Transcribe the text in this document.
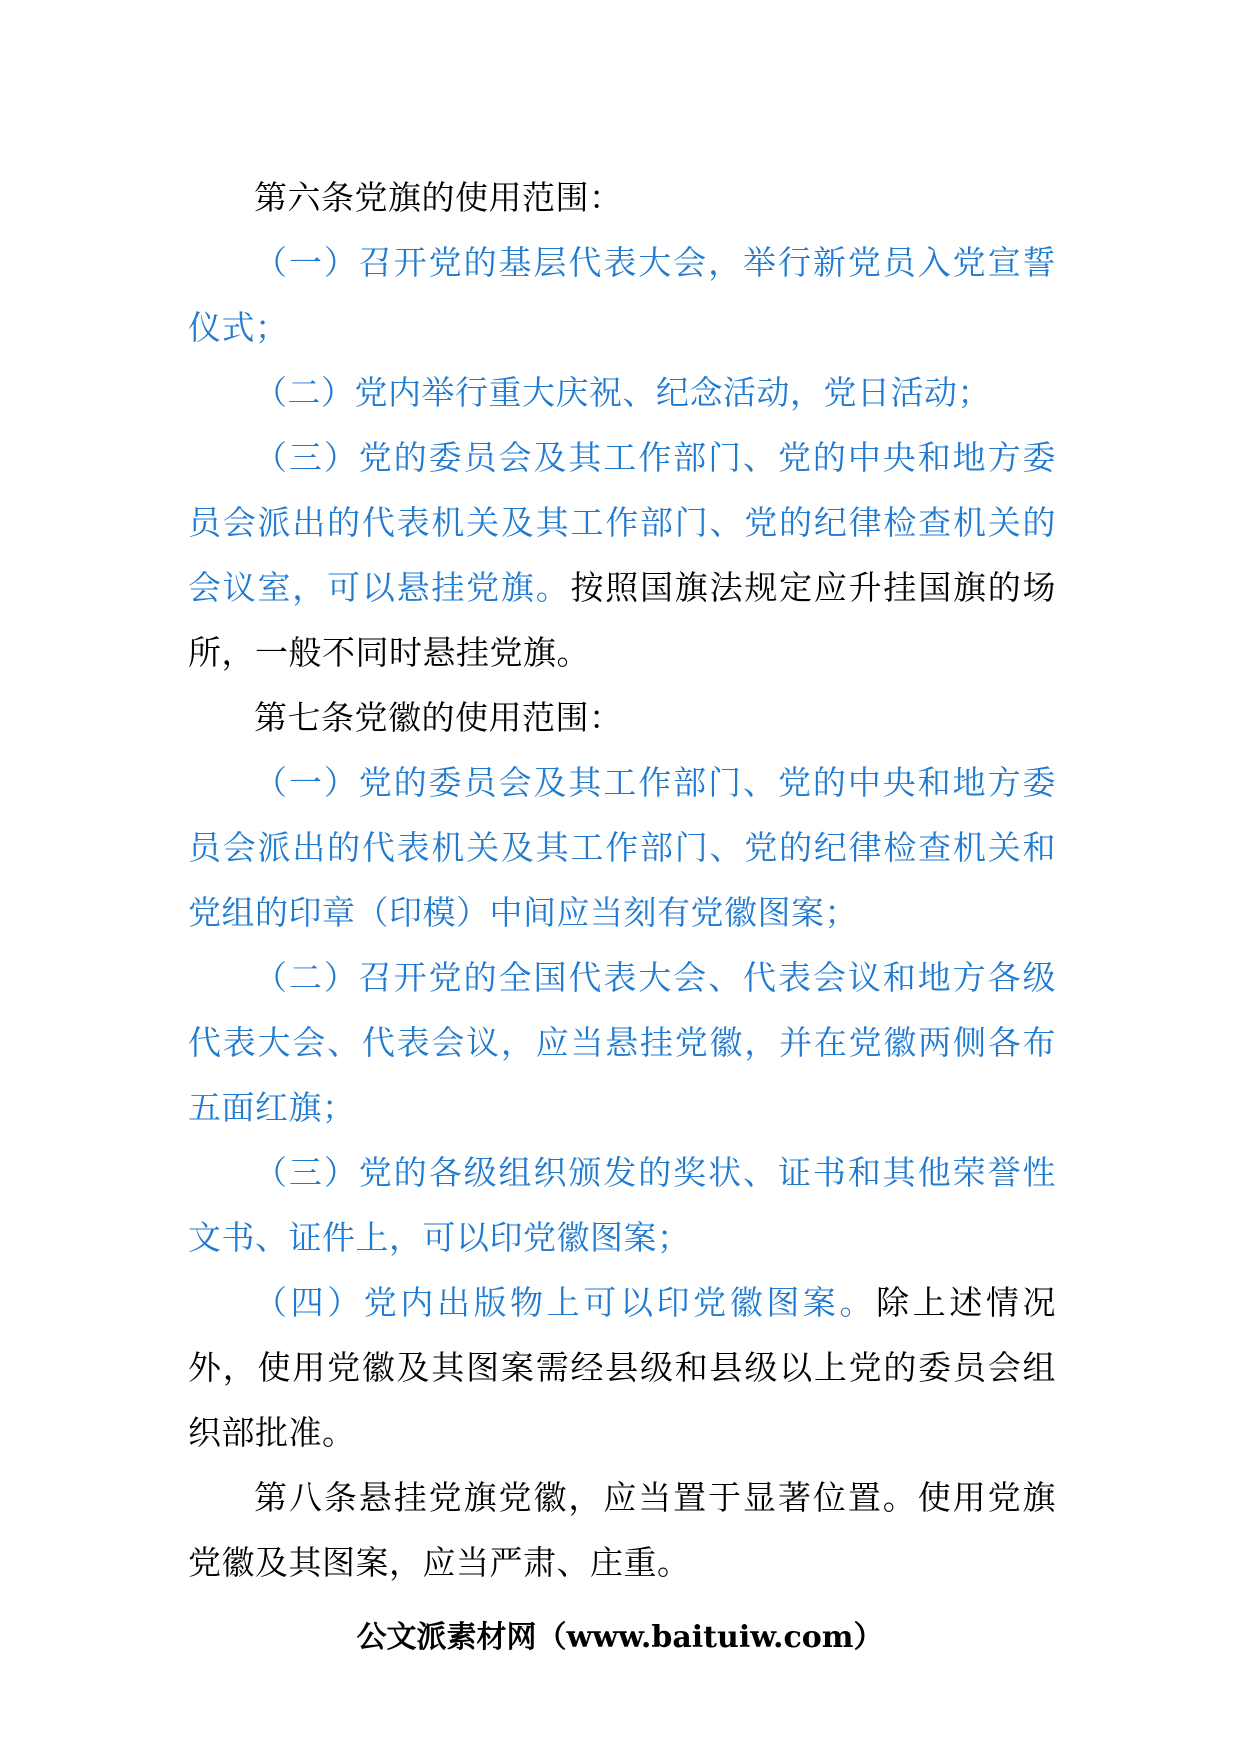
第六条党旗的使用范围：

（一）召开党的基层代表大会，举行新党员入党宣誓仪式；

（二）党内举行重大庆祝、纪念活动，党日活动；

（三）党的委员会及其工作部门、党的中央和地方委员会派出的代表机关及其工作部门、党的纪律检查机关的会议室，可以悬挂党旗。按照国旗法规定应升挂国旗的场所，一般不同时悬挂党旗。

第七条党徽的使用范围：

（一）党的委员会及其工作部门、党的中央和地方委员会派出的代表机关及其工作部门、党的纪律检查机关和党组的印章（印模）中间应当刻有党徽图案；

（二）召开党的全国代表大会、代表会议和地方各级代表大会、代表会议，应当悬挂党徽，并在党徽两侧各布五面红旗；

（三）党的各级组织颁发的奖状、证书和其他荣誉性文书、证件上，可以印党徽图案；

（四）党内出版物上可以印党徽图案。除上述情况外，使用党徽及其图案需经县级和县级以上党的委员会组织部批准。

第八条悬挂党旗党徽，应当置于显著位置。使用党旗党徽及其图案，应当严肃、庄重。

公文派素材网（www.baituiw.com）
